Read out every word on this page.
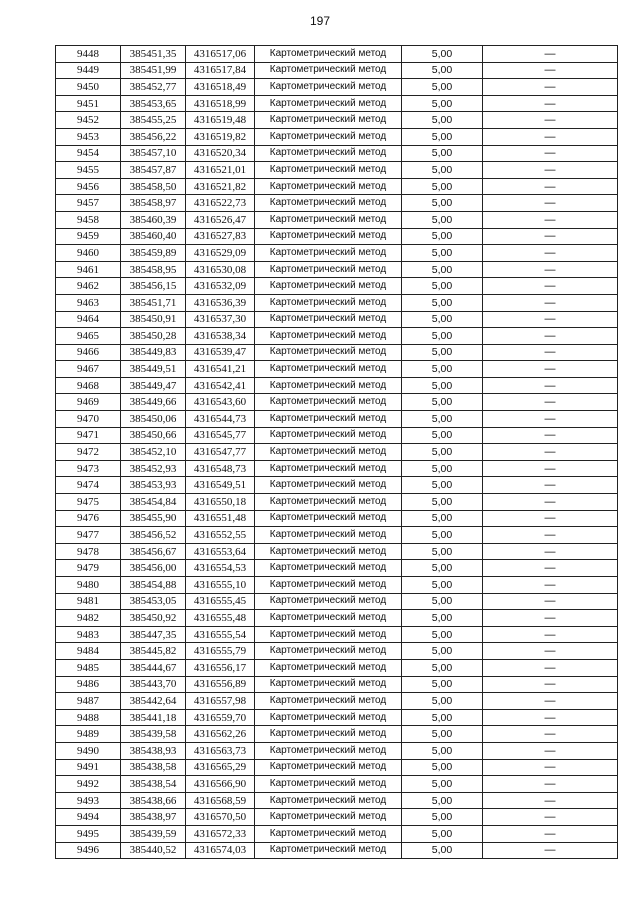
197
9448	385451,35	4316517,06	Картометрический метод	5,00	—
9449	385451,99	4316517,84	Картометрический метод	5,00	—
9450	385452,77	4316518,49	Картометрический метод	5,00	—
9451	385453,65	4316518,99	Картометрический метод	5,00	—
9452	385455,25	4316519,48	Картометрический метод	5,00	—
9453	385456,22	4316519,82	Картометрический метод	5,00	—
9454	385457,10	4316520,34	Картометрический метод	5,00	—
9455	385457,87	4316521,01	Картометрический метод	5,00	—
9456	385458,50	4316521,82	Картометрический метод	5,00	—
9457	385458,97	4316522,73	Картометрический метод	5,00	—
9458	385460,39	4316526,47	Картометрический метод	5,00	—
9459	385460,40	4316527,83	Картометрический метод	5,00	—
9460	385459,89	4316529,09	Картометрический метод	5,00	—
9461	385458,95	4316530,08	Картометрический метод	5,00	—
9462	385456,15	4316532,09	Картометрический метод	5,00	—
9463	385451,71	4316536,39	Картометрический метод	5,00	—
9464	385450,91	4316537,30	Картометрический метод	5,00	—
9465	385450,28	4316538,34	Картометрический метод	5,00	—
9466	385449,83	4316539,47	Картометрический метод	5,00	—
9467	385449,51	4316541,21	Картометрический метод	5,00	—
9468	385449,47	4316542,41	Картометрический метод	5,00	—
9469	385449,66	4316543,60	Картометрический метод	5,00	—
9470	385450,06	4316544,73	Картометрический метод	5,00	—
9471	385450,66	4316545,77	Картометрический метод	5,00	—
9472	385452,10	4316547,77	Картометрический метод	5,00	—
9473	385452,93	4316548,73	Картометрический метод	5,00	—
9474	385453,93	4316549,51	Картометрический метод	5,00	—
9475	385454,84	4316550,18	Картометрический метод	5,00	—
9476	385455,90	4316551,48	Картометрический метод	5,00	—
9477	385456,52	4316552,55	Картометрический метод	5,00	—
9478	385456,67	4316553,64	Картометрический метод	5,00	—
9479	385456,00	4316554,53	Картометрический метод	5,00	—
9480	385454,88	4316555,10	Картометрический метод	5,00	—
9481	385453,05	4316555,45	Картометрический метод	5,00	—
9482	385450,92	4316555,48	Картометрический метод	5,00	—
9483	385447,35	4316555,54	Картометрический метод	5,00	—
9484	385445,82	4316555,79	Картометрический метод	5,00	—
9485	385444,67	4316556,17	Картометрический метод	5,00	—
9486	385443,70	4316556,89	Картометрический метод	5,00	—
9487	385442,64	4316557,98	Картометрический метод	5,00	—
9488	385441,18	4316559,70	Картометрический метод	5,00	—
9489	385439,58	4316562,26	Картометрический метод	5,00	—
9490	385438,93	4316563,73	Картометрический метод	5,00	—
9491	385438,58	4316565,29	Картометрический метод	5,00	—
9492	385438,54	4316566,90	Картометрический метод	5,00	—
9493	385438,66	4316568,59	Картометрический метод	5,00	—
9494	385438,97	4316570,50	Картометрический метод	5,00	—
9495	385439,59	4316572,33	Картометрический метод	5,00	—
9496	385440,52	4316574,03	Картометрический метод	5,00	—
